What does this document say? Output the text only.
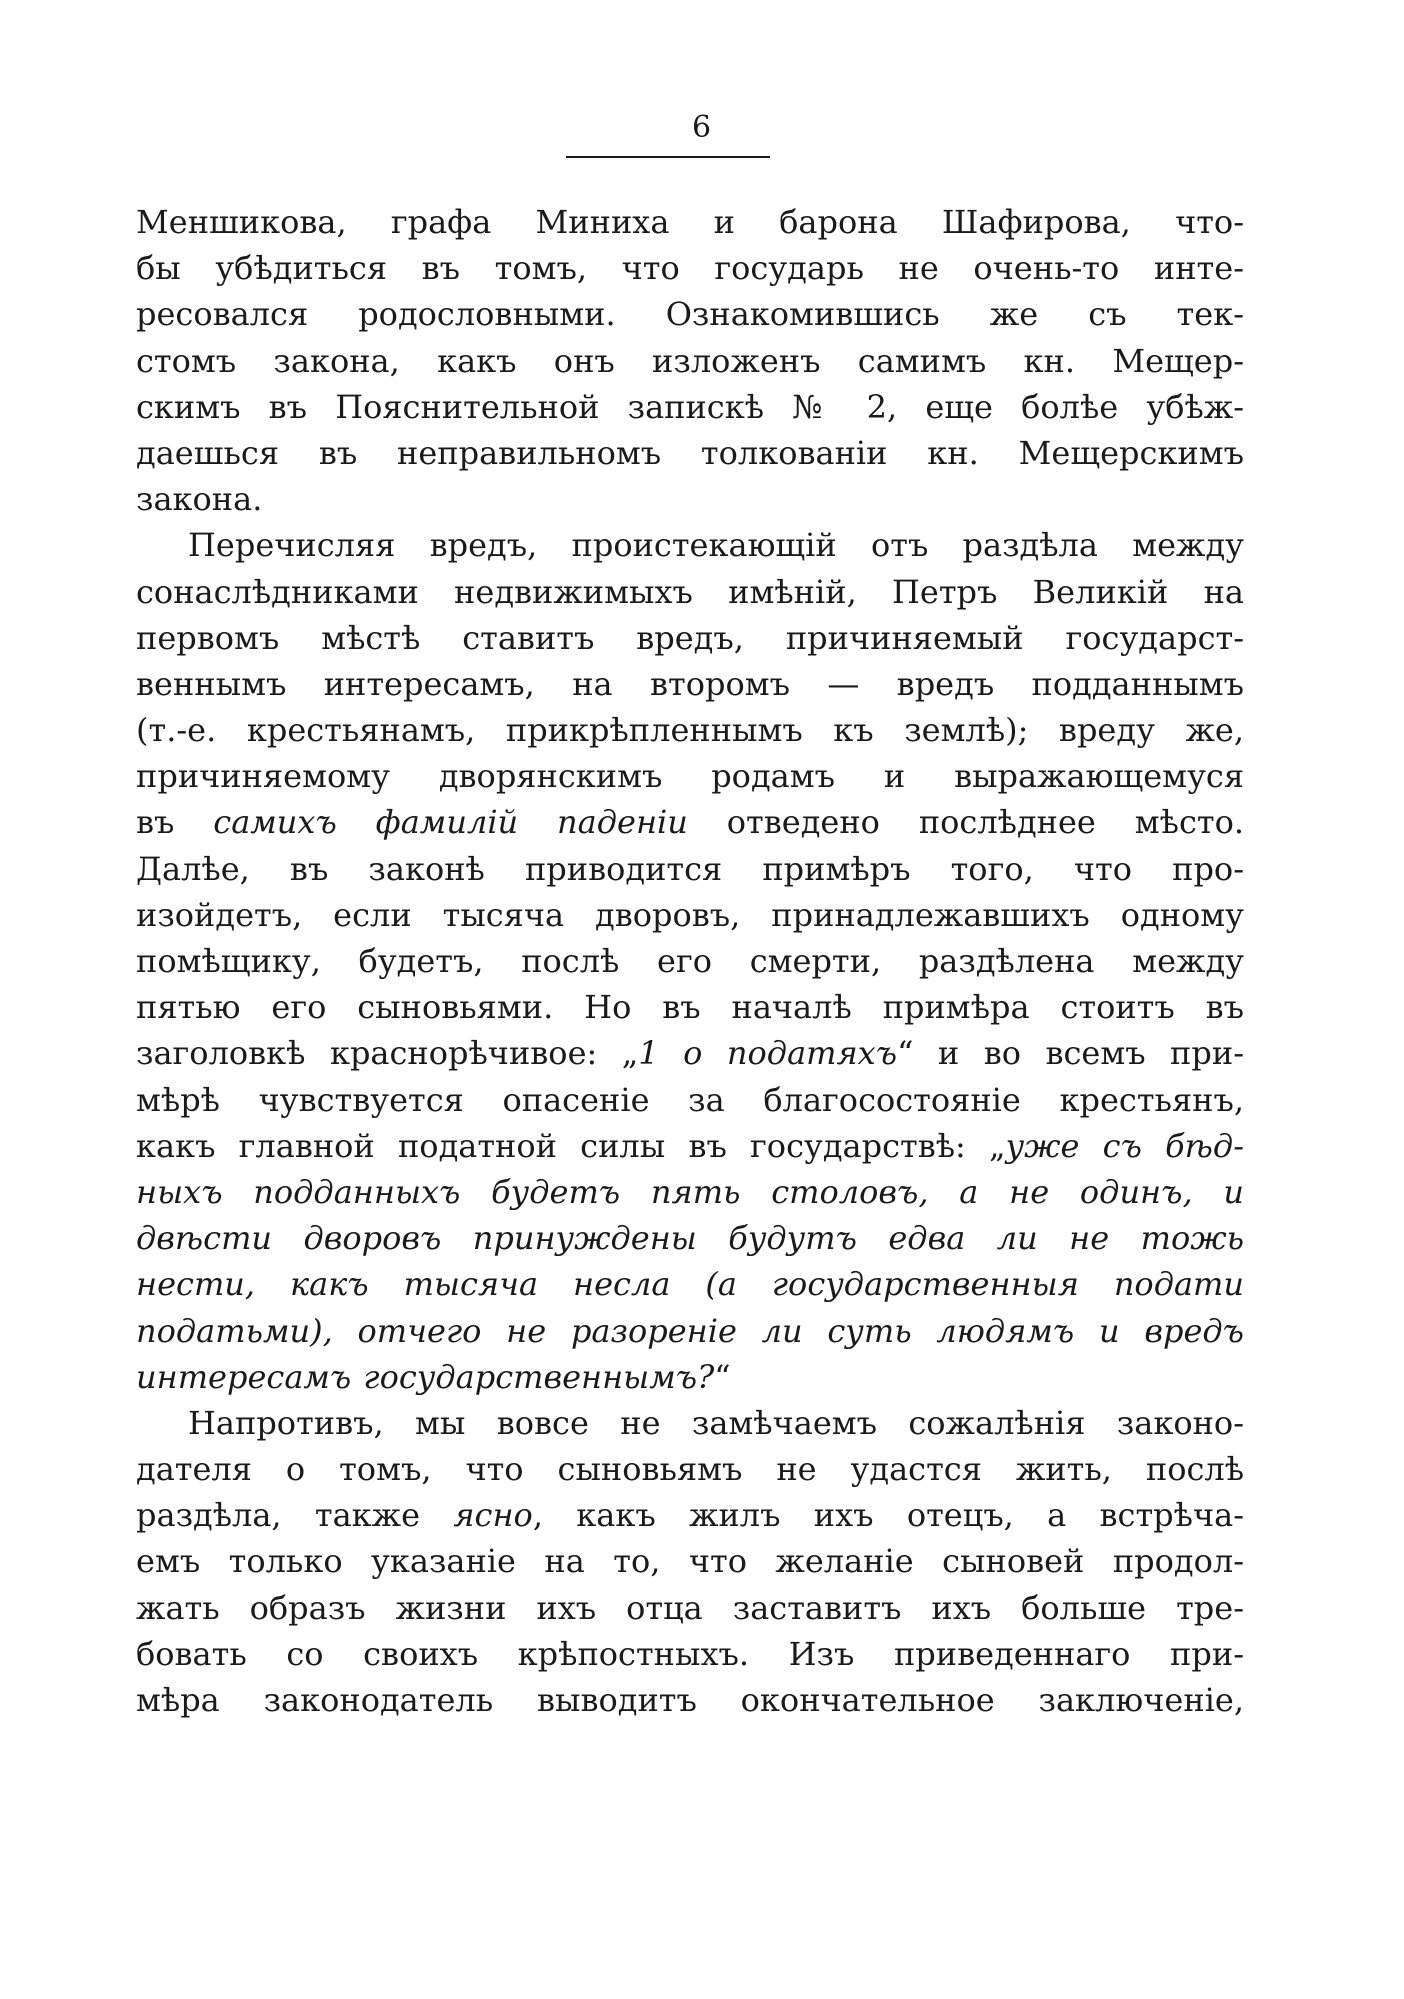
6
Меншикова, графа Миниха и барона Шафирова, что-
бы убѣдиться въ томъ, что государь не очень-то инте-
ресовался родословными. Ознакомившись же съ тек-
стомъ закона, какъ онъ изложенъ самимъ кн. Мещер-
скимъ въ Пояснительной запискѣ № 2, еще болѣе убѣж-
даешься въ неправильномъ толкованіи кн. Мещерскимъ
закона.
Перечисляя вредъ, проистекающій отъ раздѣла между
сонаслѣдниками недвижимыхъ имѣній, Петръ Великій на
первомъ мѣстѣ ставитъ вредъ, причиняемый государст-
веннымъ интересамъ, на второмъ — вредъ подданнымъ
(т.-е. крестьянамъ, прикрѣпленнымъ къ землѣ); вреду же,
причиняемому дворянскимъ родамъ и выражающемуся
въ самихъ фамилій паденіи отведено послѣднее мѣсто.
Далѣе, въ законѣ приводится примѣръ того, что про-
изойдетъ, если тысяча дворовъ, принадлежавшихъ одному
помѣщику, будетъ, послѣ его смерти, раздѣлена между
пятью его сыновьями. Но въ началѣ примѣра стоитъ въ
заголовкѣ краснорѣчивое: „1 о податяхъ“ и во всемъ при-
мѣрѣ чувствуется опасеніе за благосостояніе крестьянъ,
какъ главной податной силы въ государствѣ: „уже съ бѣд-
ныхъ подданныхъ будетъ пять столовъ, а не одинъ, и
двѣсти дворовъ принуждены будутъ едва ли не тожь
нести, какъ тысяча несла (а государственныя подати
податьми), отчего не разореніе ли суть людямъ и вредъ
интересамъ государственнымъ?“
Напротивъ, мы вовсе не замѣчаемъ сожалѣнія законо-
дателя о томъ, что сыновьямъ не удастся жить, послѣ
раздѣла, также ясно, какъ жилъ ихъ отецъ, а встрѣча-
емъ только указаніе на то, что желаніе сыновей продол-
жать образъ жизни ихъ отца заставитъ ихъ больше тре-
бовать со своихъ крѣпостныхъ. Изъ приведеннаго при-
мѣра законодатель выводитъ окончательное заключеніе,
